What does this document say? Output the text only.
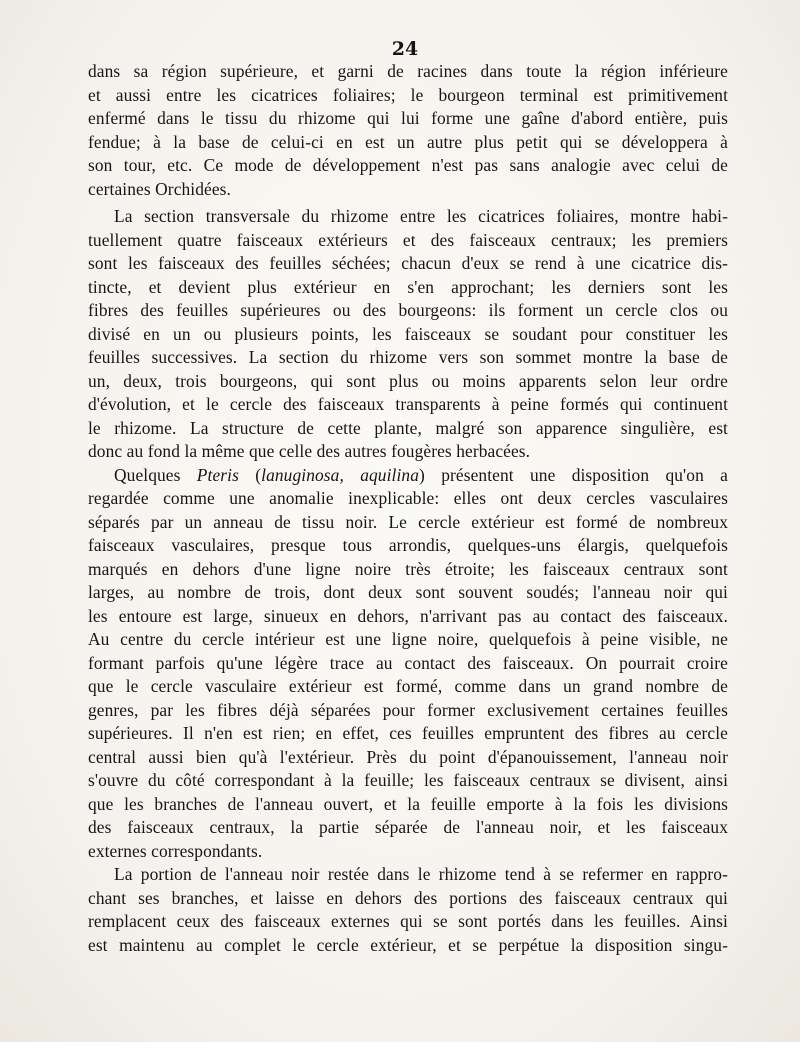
24
dans sa région supérieure, et garni de racines dans toute la région inférieure
et aussi entre les cicatrices foliaires; le bourgeon terminal est primitivement
enfermé dans le tissu du rhizome qui lui forme une gaîne d'abord entière, puis
fendue; à la base de celui-ci en est un autre plus petit qui se développera à
son tour, etc. Ce mode de développement n'est pas sans analogie avec celui de
certaines Orchidées.
La section transversale du rhizome entre les cicatrices foliaires, montre habi-
tuellement quatre faisceaux extérieurs et des faisceaux centraux; les premiers
sont les faisceaux des feuilles séchées; chacun d'eux se rend à une cicatrice dis-
tincte, et devient plus extérieur en s'en approchant; les derniers sont les
fibres des feuilles supérieures ou des bourgeons: ils forment un cercle clos ou
divisé en un ou plusieurs points, les faisceaux se soudant pour constituer les
feuilles successives. La section du rhizome vers son sommet montre la base de
un, deux, trois bourgeons, qui sont plus ou moins apparents selon leur ordre
d'évolution, et le cercle des faisceaux transparents à peine formés qui continuent
le rhizome. La structure de cette plante, malgré son apparence singulière, est
donc au fond la même que celle des autres fougères herbacées.
Quelques Pteris (lanuginosa, aquilina) présentent une disposition qu'on a
regardée comme une anomalie inexplicable: elles ont deux cercles vasculaires
séparés par un anneau de tissu noir. Le cercle extérieur est formé de nombreux
faisceaux vasculaires, presque tous arrondis, quelques-uns élargis, quelquefois
marqués en dehors d'une ligne noire très étroite; les faisceaux centraux sont
larges, au nombre de trois, dont deux sont souvent soudés; l'anneau noir qui
les entoure est large, sinueux en dehors, n'arrivant pas au contact des faisceaux.
Au centre du cercle intérieur est une ligne noire, quelquefois à peine visible, ne
formant parfois qu'une légère trace au contact des faisceaux. On pourrait croire
que le cercle vasculaire extérieur est formé, comme dans un grand nombre de
genres, par les fibres déjà séparées pour former exclusivement certaines feuilles
supérieures. Il n'en est rien; en effet, ces feuilles empruntent des fibres au cercle
central aussi bien qu'à l'extérieur. Près du point d'épanouissement, l'anneau noir
s'ouvre du côté correspondant à la feuille; les faisceaux centraux se divisent, ainsi
que les branches de l'anneau ouvert, et la feuille emporte à la fois les divisions
des faisceaux centraux, la partie séparée de l'anneau noir, et les faisceaux
externes correspondants.
La portion de l'anneau noir restée dans le rhizome tend à se refermer en rappro-
chant ses branches, et laisse en dehors des portions des faisceaux centraux qui
remplacent ceux des faisceaux externes qui se sont portés dans les feuilles. Ainsi
est maintenu au complet le cercle extérieur, et se perpétue la disposition singu-
